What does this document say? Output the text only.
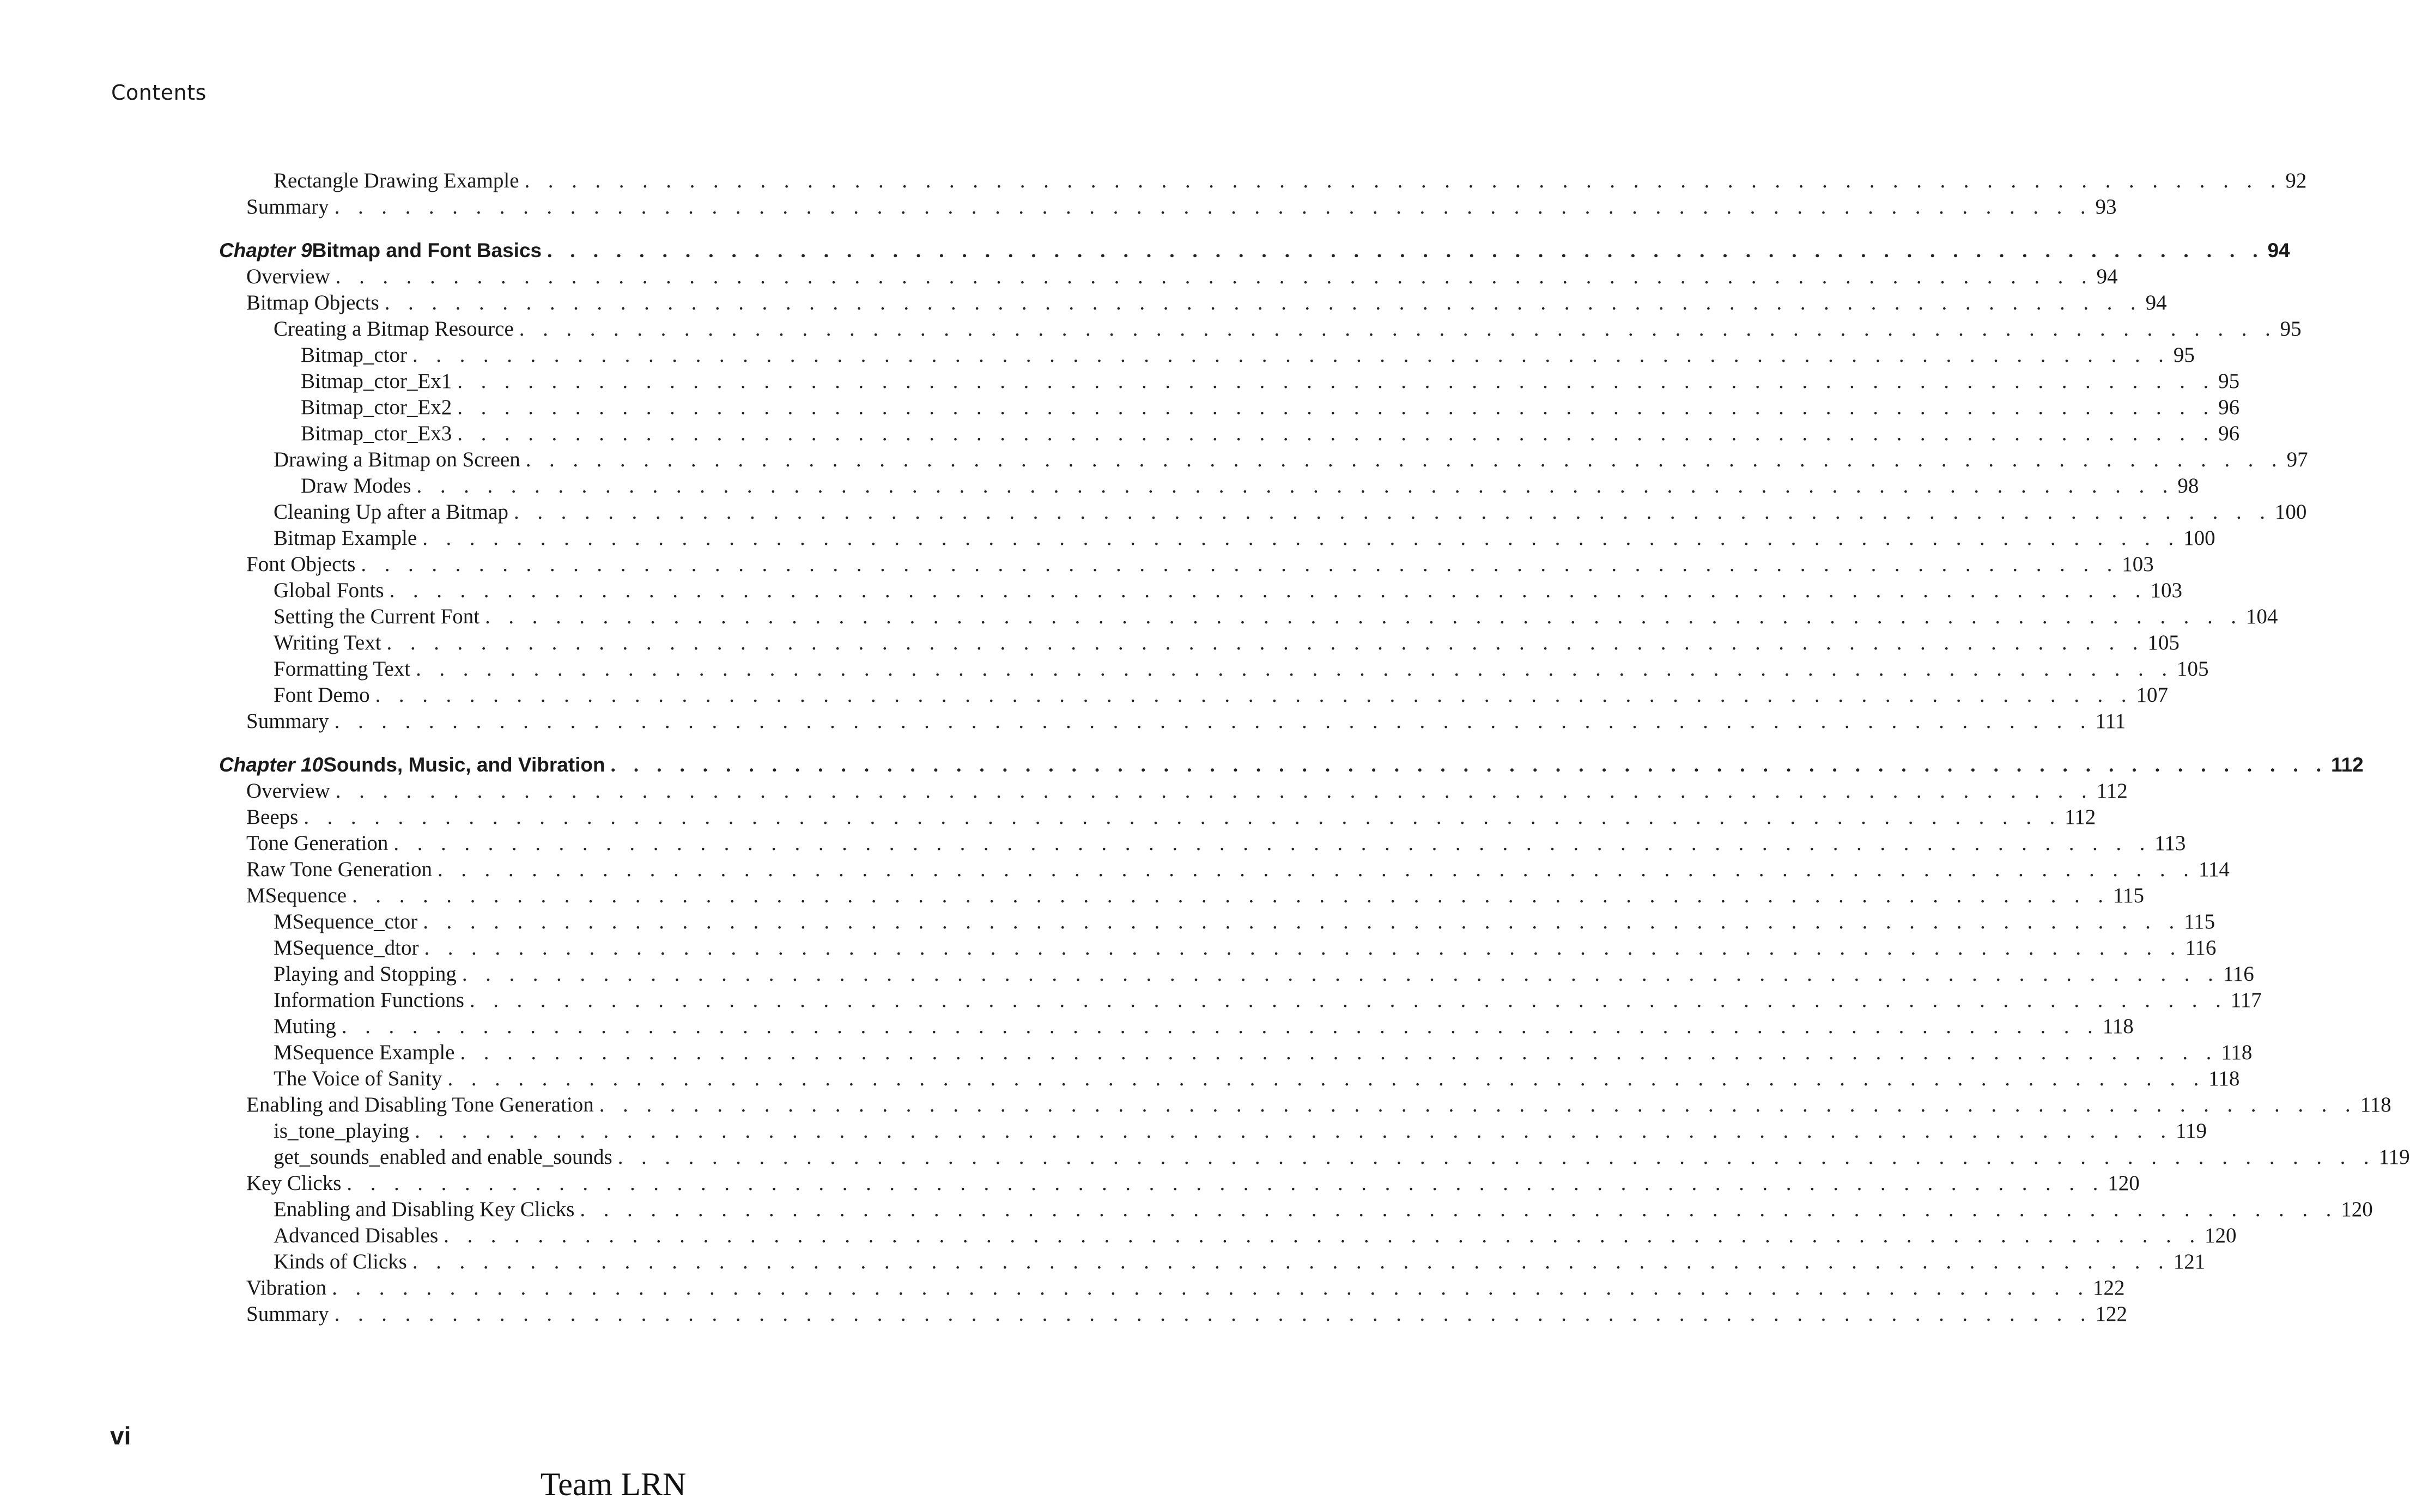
Contents
Rectangle Drawing Example . . . . . . . . . . . . . . . . . . . . . . . . . . . . . . . . . . . . . . . . . . . . . . . . . . . . . . . . . . . . . . . . . . . . . . . . . . . 92
Summary . . . . . . . . . . . . . . . . . . . . . . . . . . . . . . . . . . . . . . . . . . . . . . . . . . . . . . . . . . . . . . . . . . . . . . . . . . . 93
Chapter 9 Bitmap and Font Basics . . . . . . . . . . . . . . . . . . . . . . . . . . . . . . . . . . . . . . . . . . . . . . . . . . . . . . . . . . . . . . . . . . . . . . . . . . . 94
Overview . . . . . . . . . . . . . . . . . . . . . . . . . . . . . . . . . . . . . . . . . . . . . . . . . . . . . . . . . . . . . . . . . . . . . . . . . . . 94
Bitmap Objects . . . . . . . . . . . . . . . . . . . . . . . . . . . . . . . . . . . . . . . . . . . . . . . . . . . . . . . . . . . . . . . . . . . . . . . . . . . 94
Creating a Bitmap Resource . . . . . . . . . . . . . . . . . . . . . . . . . . . . . . . . . . . . . . . . . . . . . . . . . . . . . . . . . . . . . . . . . . . . . . . . . . . 95
Bitmap_ctor . . . . . . . . . . . . . . . . . . . . . . . . . . . . . . . . . . . . . . . . . . . . . . . . . . . . . . . . . . . . . . . . . . . . . . . . . . . 95
Bitmap_ctor_Ex1 . . . . . . . . . . . . . . . . . . . . . . . . . . . . . . . . . . . . . . . . . . . . . . . . . . . . . . . . . . . . . . . . . . . . . . . . . . . 95
Bitmap_ctor_Ex2 . . . . . . . . . . . . . . . . . . . . . . . . . . . . . . . . . . . . . . . . . . . . . . . . . . . . . . . . . . . . . . . . . . . . . . . . . . . 96
Bitmap_ctor_Ex3 . . . . . . . . . . . . . . . . . . . . . . . . . . . . . . . . . . . . . . . . . . . . . . . . . . . . . . . . . . . . . . . . . . . . . . . . . . . 96
Drawing a Bitmap on Screen . . . . . . . . . . . . . . . . . . . . . . . . . . . . . . . . . . . . . . . . . . . . . . . . . . . . . . . . . . . . . . . . . . . . . . . . . . . 97
Draw Modes . . . . . . . . . . . . . . . . . . . . . . . . . . . . . . . . . . . . . . . . . . . . . . . . . . . . . . . . . . . . . . . . . . . . . . . . . . . 98
Cleaning Up after a Bitmap . . . . . . . . . . . . . . . . . . . . . . . . . . . . . . . . . . . . . . . . . . . . . . . . . . . . . . . . . . . . . . . . . . . . . . . . . . . 100
Bitmap Example . . . . . . . . . . . . . . . . . . . . . . . . . . . . . . . . . . . . . . . . . . . . . . . . . . . . . . . . . . . . . . . . . . . . . . . . . . . 100
Font Objects . . . . . . . . . . . . . . . . . . . . . . . . . . . . . . . . . . . . . . . . . . . . . . . . . . . . . . . . . . . . . . . . . . . . . . . . . . . 103
Global Fonts . . . . . . . . . . . . . . . . . . . . . . . . . . . . . . . . . . . . . . . . . . . . . . . . . . . . . . . . . . . . . . . . . . . . . . . . . . . 103
Setting the Current Font . . . . . . . . . . . . . . . . . . . . . . . . . . . . . . . . . . . . . . . . . . . . . . . . . . . . . . . . . . . . . . . . . . . . . . . . . . . 104
Writing Text . . . . . . . . . . . . . . . . . . . . . . . . . . . . . . . . . . . . . . . . . . . . . . . . . . . . . . . . . . . . . . . . . . . . . . . . . . . 105
Formatting Text . . . . . . . . . . . . . . . . . . . . . . . . . . . . . . . . . . . . . . . . . . . . . . . . . . . . . . . . . . . . . . . . . . . . . . . . . . . 105
Font Demo . . . . . . . . . . . . . . . . . . . . . . . . . . . . . . . . . . . . . . . . . . . . . . . . . . . . . . . . . . . . . . . . . . . . . . . . . . . 107
Summary . . . . . . . . . . . . . . . . . . . . . . . . . . . . . . . . . . . . . . . . . . . . . . . . . . . . . . . . . . . . . . . . . . . . . . . . . . . 111
Chapter 10 Sounds, Music, and Vibration . . . . . . . . . . . . . . . . . . . . . . . . . . . . . . . . . . . . . . . . . . . . . . . . . . . . . . . . . . . . . . . . . . . . . . . . . . . 112
Overview . . . . . . . . . . . . . . . . . . . . . . . . . . . . . . . . . . . . . . . . . . . . . . . . . . . . . . . . . . . . . . . . . . . . . . . . . . . 112
Beeps . . . . . . . . . . . . . . . . . . . . . . . . . . . . . . . . . . . . . . . . . . . . . . . . . . . . . . . . . . . . . . . . . . . . . . . . . . . 112
Tone Generation . . . . . . . . . . . . . . . . . . . . . . . . . . . . . . . . . . . . . . . . . . . . . . . . . . . . . . . . . . . . . . . . . . . . . . . . . . . 113
Raw Tone Generation . . . . . . . . . . . . . . . . . . . . . . . . . . . . . . . . . . . . . . . . . . . . . . . . . . . . . . . . . . . . . . . . . . . . . . . . . . . 114
MSequence . . . . . . . . . . . . . . . . . . . . . . . . . . . . . . . . . . . . . . . . . . . . . . . . . . . . . . . . . . . . . . . . . . . . . . . . . . . 115
MSequence_ctor . . . . . . . . . . . . . . . . . . . . . . . . . . . . . . . . . . . . . . . . . . . . . . . . . . . . . . . . . . . . . . . . . . . . . . . . . . . 115
MSequence_dtor . . . . . . . . . . . . . . . . . . . . . . . . . . . . . . . . . . . . . . . . . . . . . . . . . . . . . . . . . . . . . . . . . . . . . . . . . . . 116
Playing and Stopping . . . . . . . . . . . . . . . . . . . . . . . . . . . . . . . . . . . . . . . . . . . . . . . . . . . . . . . . . . . . . . . . . . . . . . . . . . . 116
Information Functions . . . . . . . . . . . . . . . . . . . . . . . . . . . . . . . . . . . . . . . . . . . . . . . . . . . . . . . . . . . . . . . . . . . . . . . . . . . 117
Muting . . . . . . . . . . . . . . . . . . . . . . . . . . . . . . . . . . . . . . . . . . . . . . . . . . . . . . . . . . . . . . . . . . . . . . . . . . . 118
MSequence Example . . . . . . . . . . . . . . . . . . . . . . . . . . . . . . . . . . . . . . . . . . . . . . . . . . . . . . . . . . . . . . . . . . . . . . . . . . . 118
The Voice of Sanity . . . . . . . . . . . . . . . . . . . . . . . . . . . . . . . . . . . . . . . . . . . . . . . . . . . . . . . . . . . . . . . . . . . . . . . . . . . 118
Enabling and Disabling Tone Generation . . . . . . . . . . . . . . . . . . . . . . . . . . . . . . . . . . . . . . . . . . . . . . . . . . . . . . . . . . . . . . . . . . . . . . . . . . . 118
is_tone_playing . . . . . . . . . . . . . . . . . . . . . . . . . . . . . . . . . . . . . . . . . . . . . . . . . . . . . . . . . . . . . . . . . . . . . . . . . . . 119
get_sounds_enabled and enable_sounds . . . . . . . . . . . . . . . . . . . . . . . . . . . . . . . . . . . . . . . . . . . . . . . . . . . . . . . . . . . . . . . . . . . . . . . . . . . 119
Key Clicks . . . . . . . . . . . . . . . . . . . . . . . . . . . . . . . . . . . . . . . . . . . . . . . . . . . . . . . . . . . . . . . . . . . . . . . . . . . 120
Enabling and Disabling Key Clicks . . . . . . . . . . . . . . . . . . . . . . . . . . . . . . . . . . . . . . . . . . . . . . . . . . . . . . . . . . . . . . . . . . . . . . . . . . . 120
Advanced Disables . . . . . . . . . . . . . . . . . . . . . . . . . . . . . . . . . . . . . . . . . . . . . . . . . . . . . . . . . . . . . . . . . . . . . . . . . . . 120
Kinds of Clicks . . . . . . . . . . . . . . . . . . . . . . . . . . . . . . . . . . . . . . . . . . . . . . . . . . . . . . . . . . . . . . . . . . . . . . . . . . . 121
Vibration . . . . . . . . . . . . . . . . . . . . . . . . . . . . . . . . . . . . . . . . . . . . . . . . . . . . . . . . . . . . . . . . . . . . . . . . . . . 122
Summary . . . . . . . . . . . . . . . . . . . . . . . . . . . . . . . . . . . . . . . . . . . . . . . . . . . . . . . . . . . . . . . . . . . . . . . . . . . 122
vi
Team LRN
